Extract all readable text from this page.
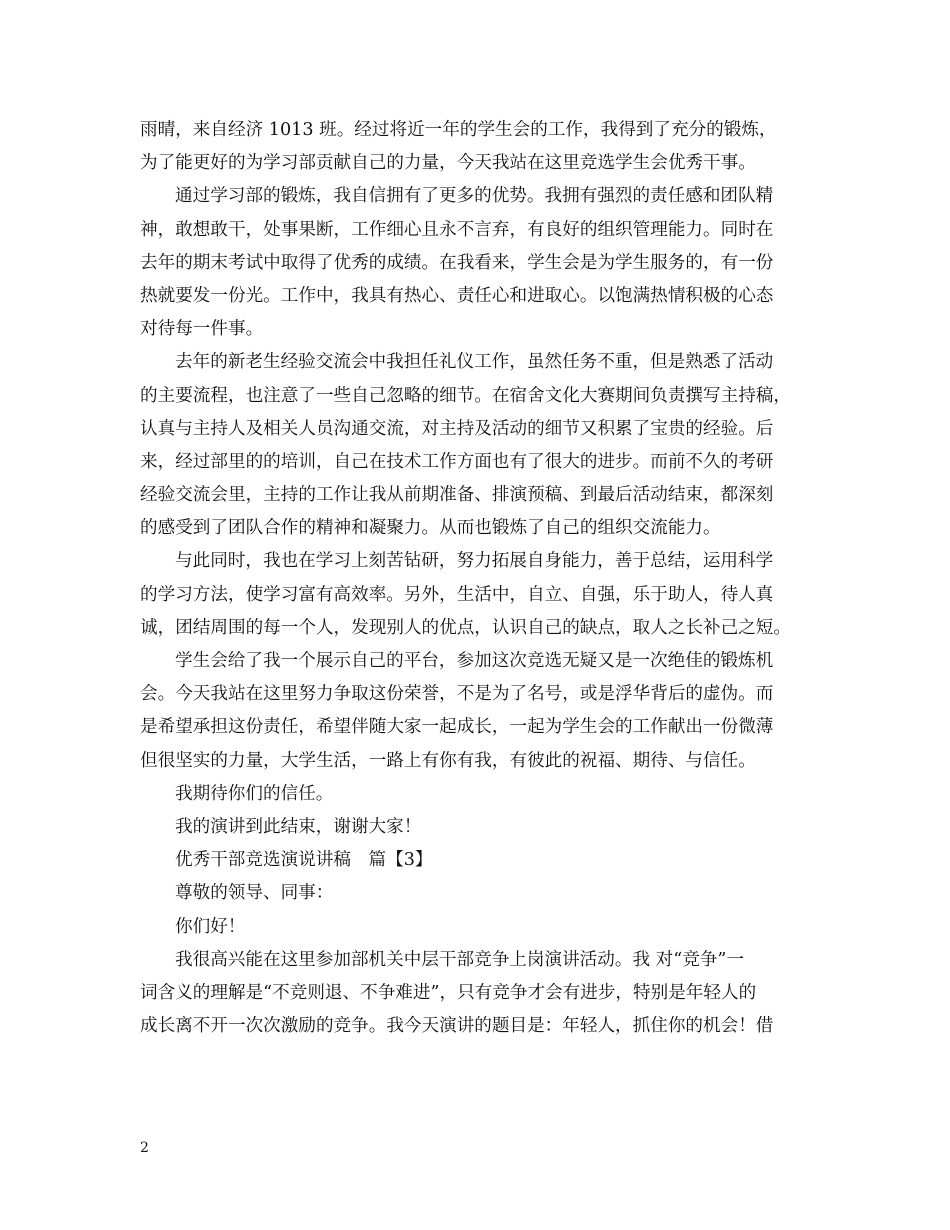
雨晴，来自经济 1013 班。经过将近一年的学生会的工作，我得到了充分的锻炼，
为了能更好的为学习部贡献自己的力量，今天我站在这里竞选学生会优秀干事。
通过学习部的锻炼，我自信拥有了更多的优势。我拥有强烈的责任感和团队精
神，敢想敢干，处事果断，工作细心且永不言弃，有良好的组织管理能力。同时在
去年的期末考试中取得了优秀的成绩。在我看来，学生会是为学生服务的，有一份
热就要发一份光。工作中，我具有热心、责任心和进取心。以饱满热情积极的心态
对待每一件事。
去年的新老生经验交流会中我担任礼仪工作，虽然任务不重，但是熟悉了活动
的主要流程，也注意了一些自己忽略的细节。在宿舍文化大赛期间负责撰写主持稿，
认真与主持人及相关人员沟通交流，对主持及活动的细节又积累了宝贵的经验。后
来，经过部里的的培训，自己在技术工作方面也有了很大的进步。而前不久的考研
经验交流会里，主持的工作让我从前期准备、排演预稿、到最后活动结束，都深刻
的感受到了团队合作的精神和凝聚力。从而也锻炼了自己的组织交流能力。
与此同时，我也在学习上刻苦钻研，努力拓展自身能力，善于总结，运用科学
的学习方法，使学习富有高效率。另外，生活中，自立、自强，乐于助人，待人真
诚，团结周围的每一个人，发现别人的优点，认识自己的缺点，取人之长补己之短。
学生会给了我一个展示自己的平台，参加这次竞选无疑又是一次绝佳的锻炼机
会。今天我站在这里努力争取这份荣誉，不是为了名号，或是浮华背后的虚伪。而
是希望承担这份责任，希望伴随大家一起成长，一起为学生会的工作献出一份微薄
但很坚实的力量，大学生活，一路上有你有我，有彼此的祝福、期待、与信任。
我期待你们的信任。
我的演讲到此结束，谢谢大家！
优秀干部竞选演说讲稿　篇【3】
尊敬的领导、同事：
你们好！
我很高兴能在这里参加部机关中层干部竞争上岗演讲活动。我 对“竞争”一
词含义的理解是“不竞则退、不争难进”，只有竞争才会有进步，特别是年轻人的
成长离不开一次次激励的竞争。我今天演讲的题目是：年轻人，抓住你的机会！借
2
